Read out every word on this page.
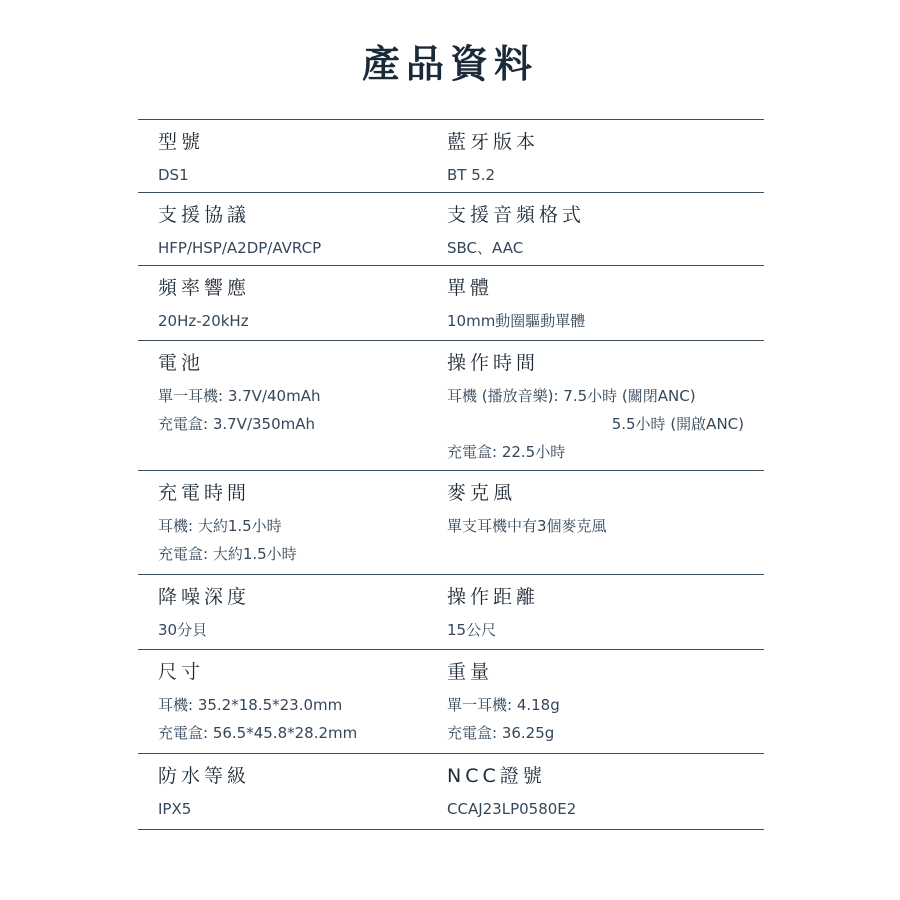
產品資料
型號
DS1
藍牙版本
BT 5.2
支援協議
HFP/HSP/A2DP/AVRCP
支援音頻格式
SBC、AAC
頻率響應
20Hz-20kHz
單體
10mm動圈驅動單體
電池
單一耳機: 3.7V/40mAh
充電盒: 3.7V/350mAh
操作時間
耳機 (播放音樂): 7.5小時 (關閉ANC)
5.5小時 (開啟ANC)
充電盒: 22.5小時
充電時間
耳機: 大約1.5小時
充電盒: 大約1.5小時
麥克風
單支耳機中有3個麥克風
降噪深度
30分貝
操作距離
15公尺
尺寸
耳機: 35.2*18.5*23.0mm
充電盒: 56.5*45.8*28.2mm
重量
單一耳機: 4.18g
充電盒: 36.25g
防水等級
IPX5
NCC證號
CCAJ23LP0580E2
